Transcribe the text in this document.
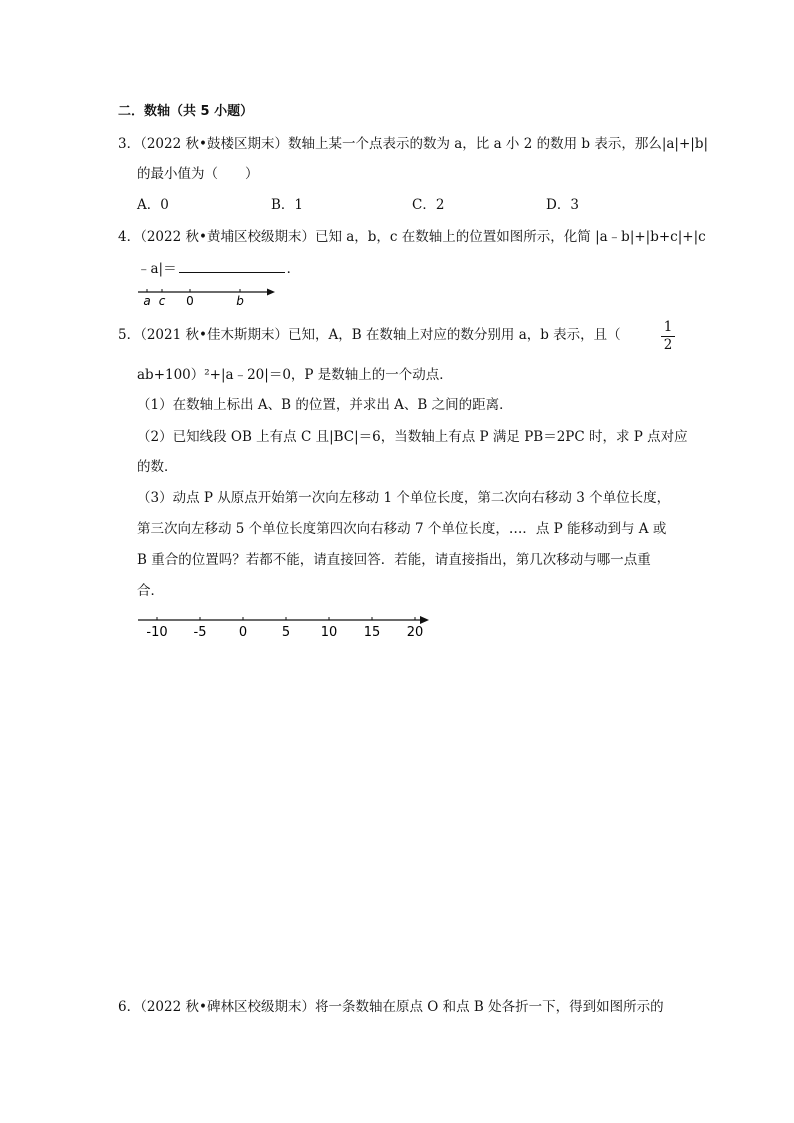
二．数轴（共 5 小题）
3．（2022 秋•鼓楼区期末）数轴上某一个点表示的数为 a，比 a 小 2 的数用 b 表示，那么|a|+|b|
的最小值为（　　）
A．0	B．1	C．2	D．3
4．（2022 秋•黄埔区校级期末）已知 a，b，c 在数轴上的位置如图所示，化简 |a﹣b|+|b+c|+|c
﹣a|＝	．
a c 0	b
5．（2021 秋•佳木斯期末）已知，A，B 在数轴上对应的数分别用 a，b 表示，且（	$\frac{1}{2}$
ab+100）²+|a﹣20|＝0，P 是数轴上的一个动点．
（1）在数轴上标出 A、B 的位置，并求出 A、B 之间的距离．
（2）已知线段 OB 上有点 C 且|BC|＝6，当数轴上有点 P 满足 PB＝2PC 时，求 P 点对应
的数．
（3）动点 P 从原点开始第一次向左移动 1 个单位长度，第二次向右移动 3 个单位长度，
第三次向左移动 5 个单位长度第四次向右移动 7 个单位长度，…．点 P 能移动到与 A 或
B 重合的位置吗？若都不能，请直接回答．若能，请直接指出，第几次移动与哪一点重
合．
-10 -5 0	5 10 15 20
6．（2022 秋•碑林区校级期末）将一条数轴在原点 O 和点 B 处各折一下，得到如图所示的
